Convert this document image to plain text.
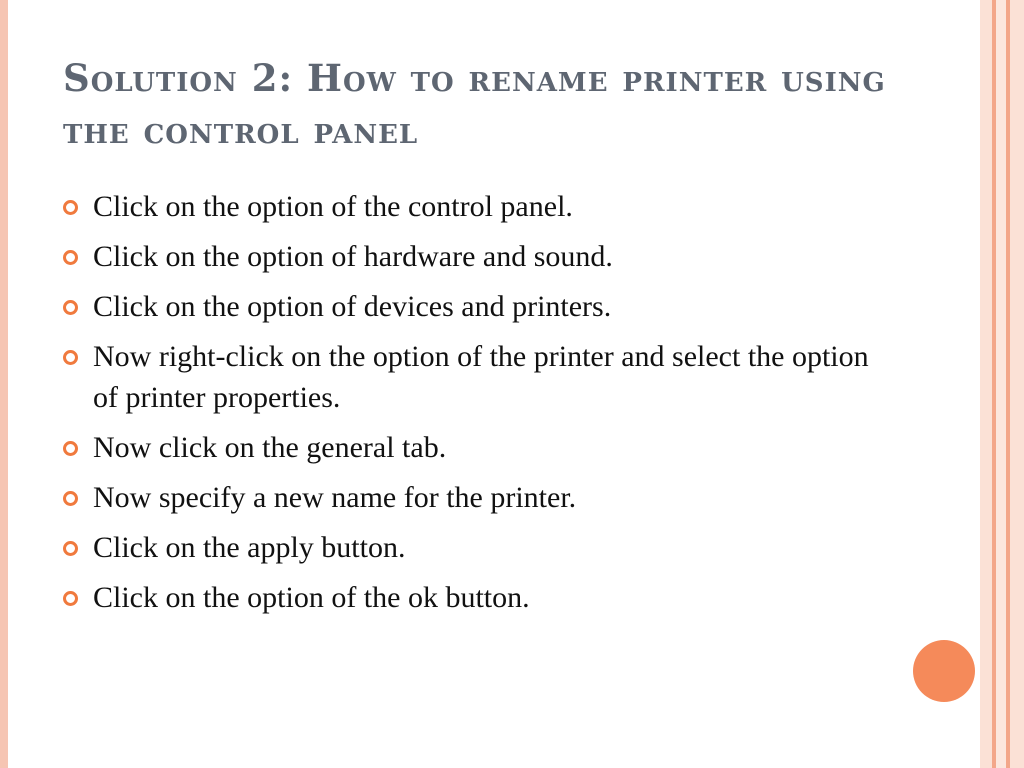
Solution 2: How to rename printer using the control panel
Click on the option of the control panel.
Click on the option of hardware and sound.
Click on the option of devices and printers.
Now right-click on the option of the printer and select the option of printer properties.
Now click on the general tab.
Now specify a new name for the printer.
Click on the apply button.
Click on the option of the ok button.
